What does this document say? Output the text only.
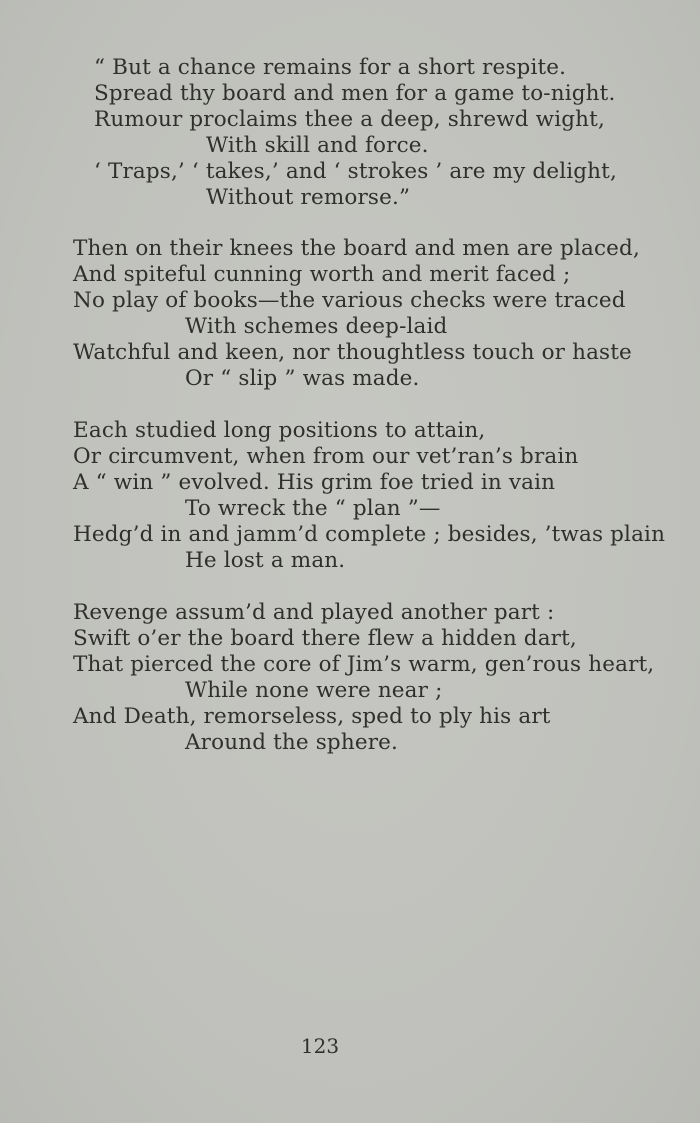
“ But a chance remains for a short respite.
Spread thy board and men for a game to-night.
Rumour proclaims thee a deep, shrewd wight,
With skill and force.
‘ Traps,’ ‘ takes,’ and ‘ strokes ’ are my delight,
Without remorse.”
Then on their knees the board and men are placed,
And spiteful cunning worth and merit faced ;
No play of books—the various checks were traced
With schemes deep-laid
Watchful and keen, nor thoughtless touch or haste
Or “ slip ” was made.
Each studied long positions to attain,
Or circumvent, when from our vet’ran’s brain
A “ win ” evolved. His grim foe tried in vain
To wreck the “ plan ”—
Hedg’d in and jamm’d complete ; besides, ’twas plain
He lost a man.
Revenge assum’d and played another part :
Swift o’er the board there flew a hidden dart,
That pierced the core of Jim’s warm, gen’rous heart,
While none were near ;
And Death, remorseless, sped to ply his art
Around the sphere.
123
